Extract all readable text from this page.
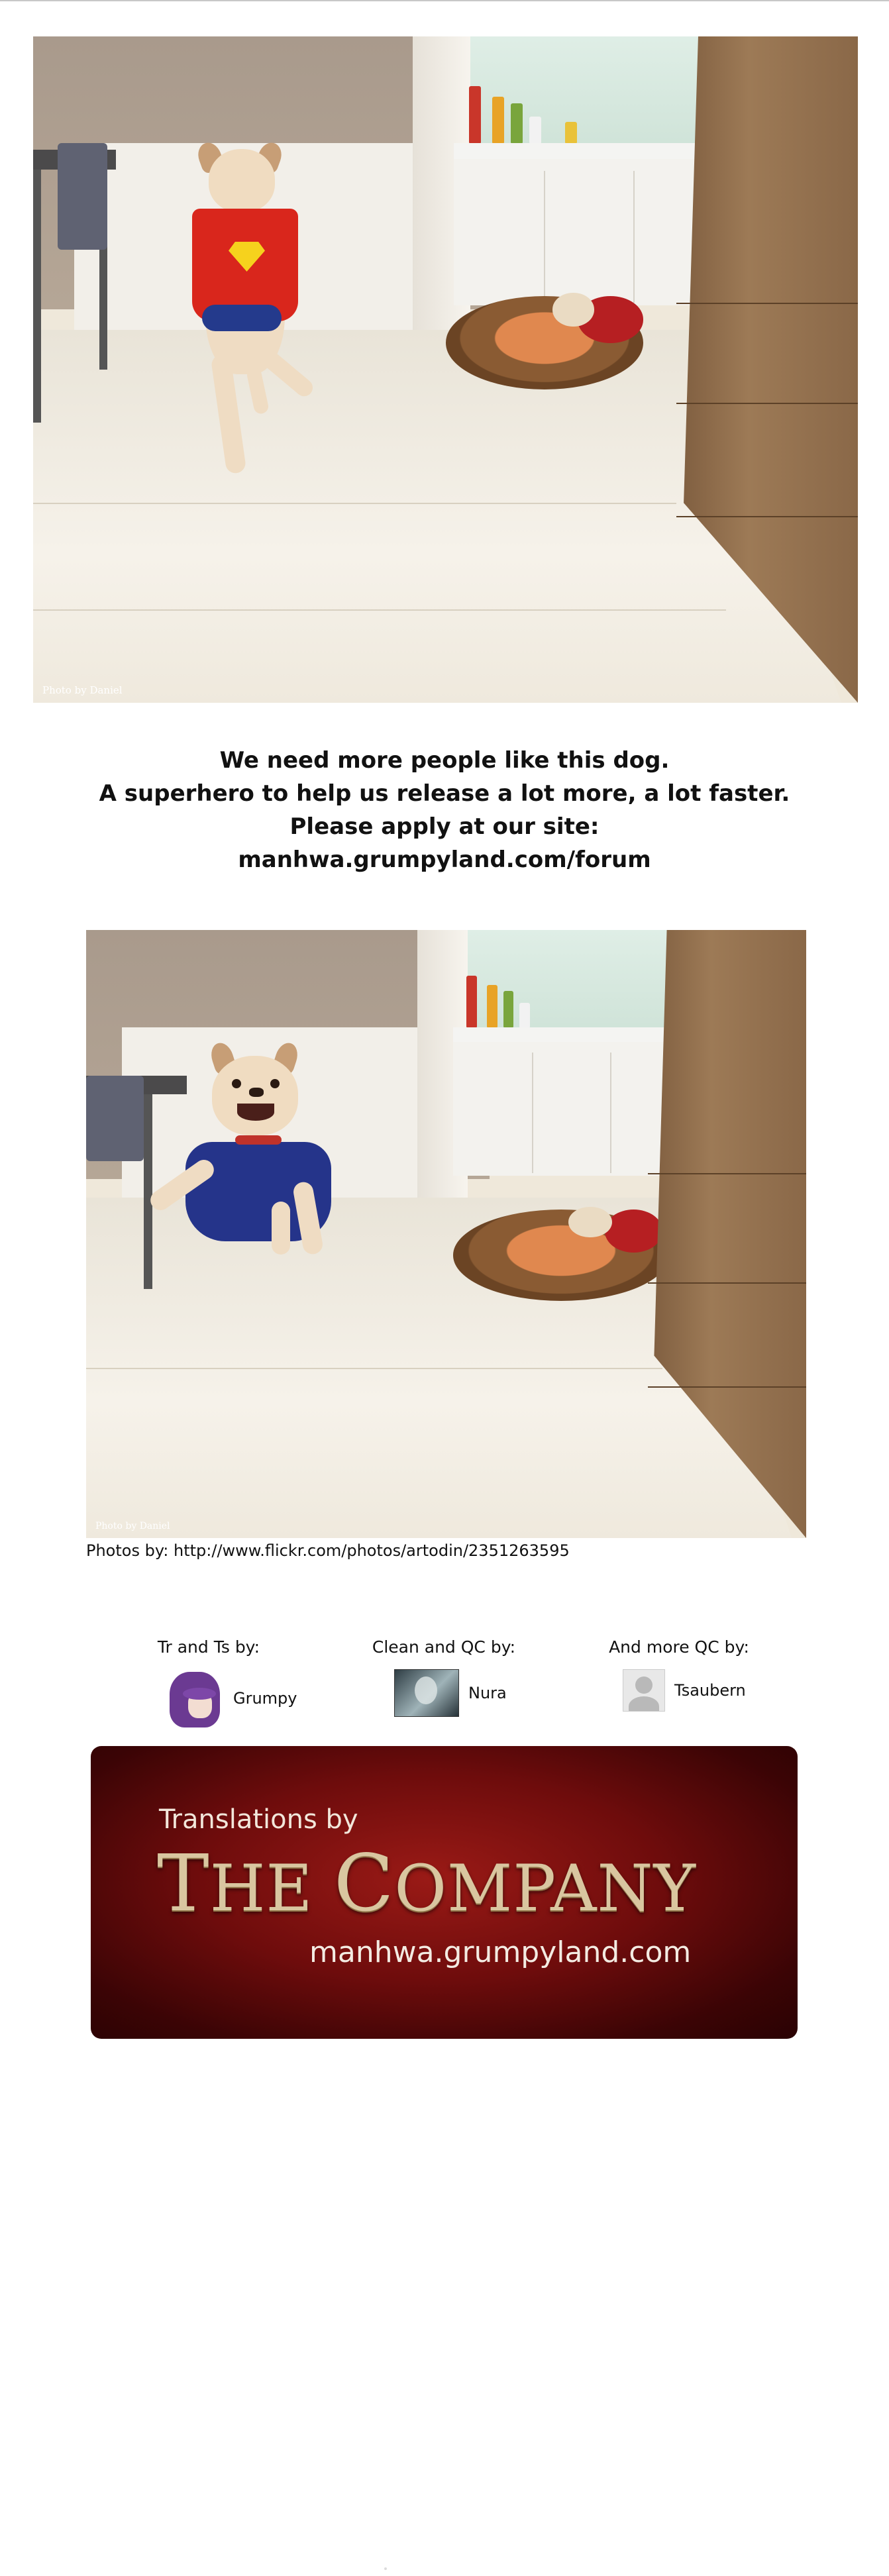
Photo by Daniel
We need more people like this dog.
A superhero to help us release a lot more, a lot faster.
Please apply at our site:
manhwa.grumpyland.com/forum
Photo by Daniel
Photos by: http://www.flickr.com/photos/artodin/2351263595
Tr and Ts by:
Grumpy
Clean and QC by:
Nura
And more QC by:
Tsaubern
Translations by
THE COMPANY
manhwa.grumpyland.com
